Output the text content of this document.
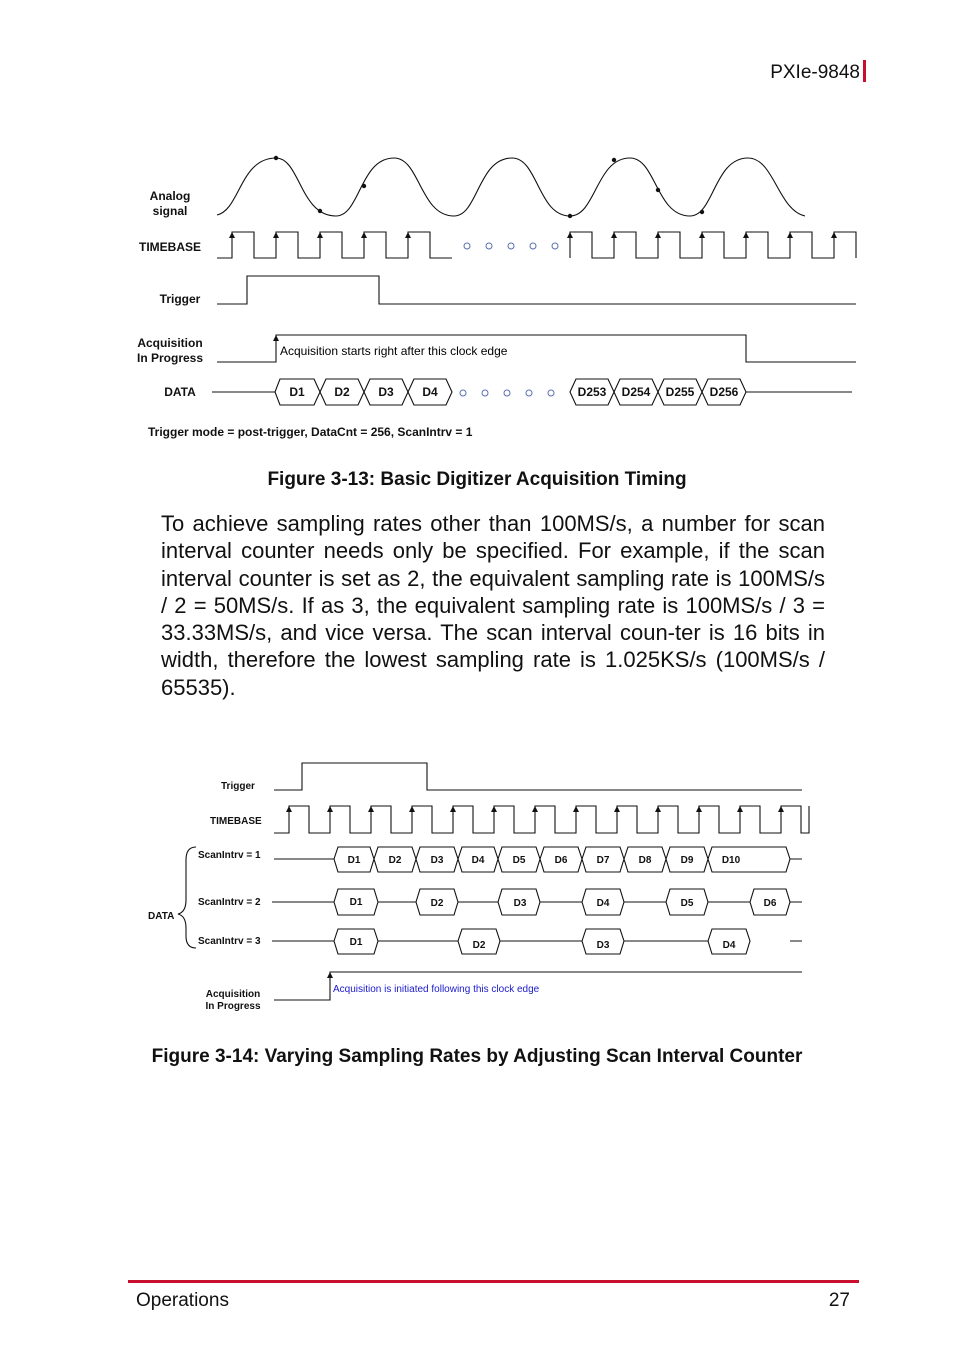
PXIe-9848
Analog
signal
TIMEBASE
Trigger
Acquisition
In Progress
DATA
Acquisition starts right after this clock edge
D1 D2 D3 D4	D253 D254 D255 D256
Trigger mode = post-trigger, DataCnt = 256, ScanIntrv = 1
Figure 3-13: Basic Digitizer Acquisition Timing
To achieve sampling rates other than 100MS/s, a number for scan interval counter needs only be specified. For example, if the scan interval counter is set as 2, the equivalent sampling rate is 100MS/s / 2 = 50MS/s. If as 3, the equivalent sampling rate is 100MS/s / 3 = 33.33MS/s, and vice versa. The scan interval coun-ter is 16 bits in width, therefore the lowest sampling rate is 1.025KS/s (100MS/s / 65535).
Trigger
TIMEBASE
DATA
Acquisition
In Progress
ScanIntrv = 1
ScanIntrv = 2
ScanIntrv = 3
D1	D2	D3	D4	D5	D6	D7	D8	D9	D10
D1	D2	D3	D4	D5	D6
D1	D2	D3	D4
Acquisition is initiated following this clock edge
Figure 3-14: Varying Sampling Rates by Adjusting Scan Interval Counter
Operations	27
